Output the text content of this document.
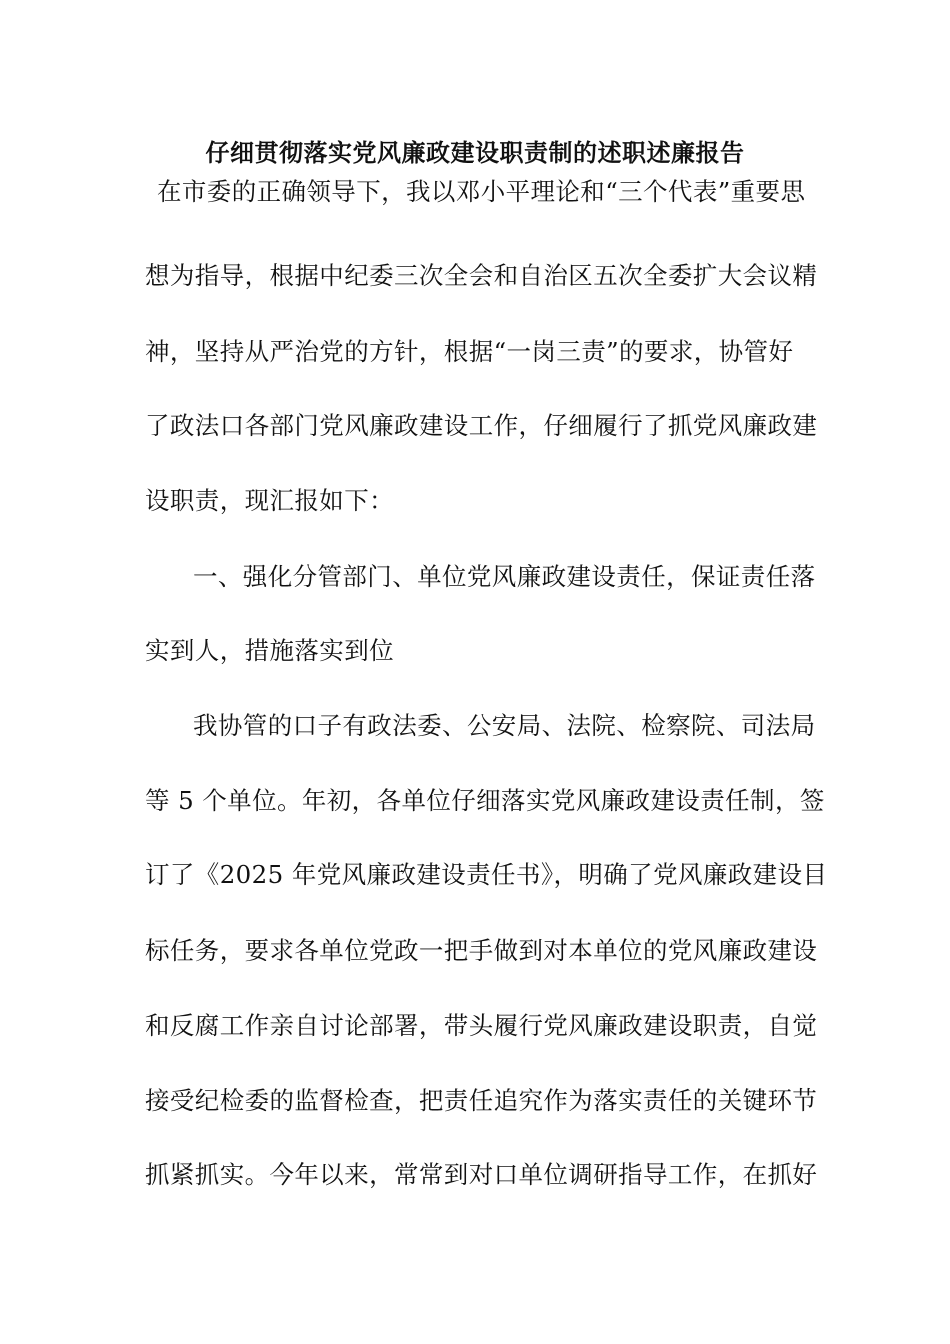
仔细贯彻落实党风廉政建设职责制的述职述廉报告
在市委的正确领导下，我以邓小平理论和“三个代表”重要思
想为指导，根据中纪委三次全会和自治区五次全委扩大会议精
神，坚持从严治党的方针，根据“一岗三责”的要求，协管好
了政法口各部门党风廉政建设工作，仔细履行了抓党风廉政建
设职责，现汇报如下：
一、强化分管部门、单位党风廉政建设责任，保证责任落
实到人，措施落实到位
我协管的口子有政法委、公安局、法院、检察院、司法局
等 5 个单位。年初，各单位仔细落实党风廉政建设责任制，签
订了《2025 年党风廉政建设责任书》，明确了党风廉政建设目
标任务，要求各单位党政一把手做到对本单位的党风廉政建设
和反腐工作亲自讨论部署，带头履行党风廉政建设职责，自觉
接受纪检委的监督检查，把责任追究作为落实责任的关键环节
抓紧抓实。今年以来，常常到对口单位调研指导工作，在抓好
